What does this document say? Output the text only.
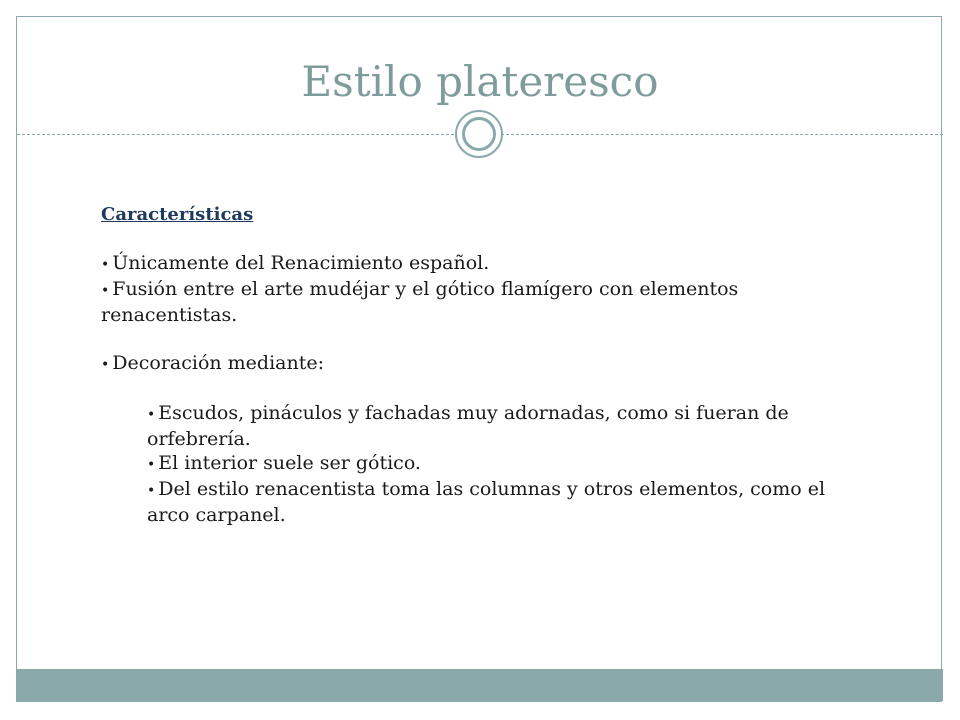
Estilo plateresco

Características

• Únicamente del Renacimiento español.

• Fusión entre el arte mudéjar y el gótico flamígero con elementos renacentistas.

• Decoración mediante:

• Escudos, pináculos y fachadas muy adornadas, como si fueran de orfebrería.

• El interior suele ser gótico.

• Del estilo renacentista toma las columnas y otros elementos, como el arco carpanel.
